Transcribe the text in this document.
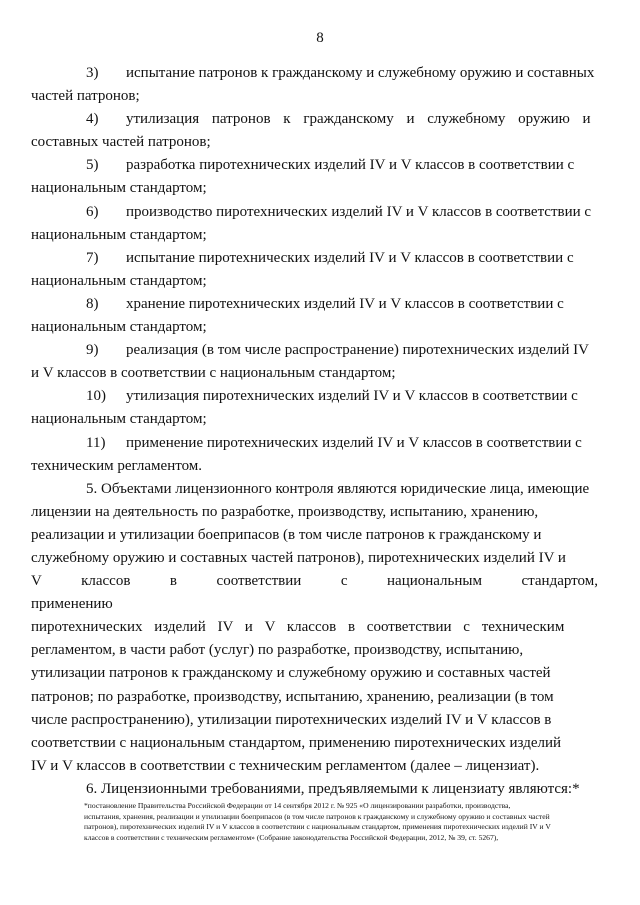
8
3) испытание патронов к гражданскому и служебному оружию и составных
частей патронов;
4) утилизация патронов к гражданскому и служебному оружию и
составных частей патронов;
5) разработка пиротехнических изделий IV и V классов в соответствии с
национальным стандартом;
6) производство пиротехнических изделий IV и V классов в соответствии с
национальным стандартом;
7) испытание пиротехнических изделий IV и V классов в соответствии с
национальным стандартом;
8) хранение пиротехнических изделий IV и V классов в соответствии с
национальным стандартом;
9) реализация (в том числе распространение) пиротехнических изделий IV
и V классов в соответствии с национальным стандартом;
10) утилизация пиротехнических изделий IV и V классов в соответствии с
национальным стандартом;
11) применение пиротехнических изделий IV и V классов в соответствии с
техническим регламентом.
5. Объектами лицензионного контроля являются юридические лица, имеющие
лицензии на деятельность по разработке, производству, испытанию, хранению,
реализации и утилизации боеприпасов (в том числе патронов к гражданскому и
служебному оружию и составных частей патронов), пиротехнических изделий IV и
V классов в соответствии с национальным стандартом, применению
пиротехнических изделий IV и V классов в соответствии с техническим
регламентом, в части работ (услуг) по разработке, производству, испытанию,
утилизации патронов к гражданскому и служебному оружию и составных частей
патронов; по разработке, производству, испытанию, хранению, реализации (в том
числе распространению), утилизации пиротехнических изделий IV и V классов в
соответствии с национальным стандартом, применению пиротехнических изделий
IV и V классов в соответствии с техническим регламентом (далее – лицензиат).
6. Лицензионными требованиями, предъявляемыми к лицензиату являются:*
*постановление Правительства Российской Федерации от 14 сентября 2012 г. № 925 «О лицензировании разработки, производства,
испытания, хранения, реализации и утилизации боеприпасов (в том числе патронов к гражданскому и служебному оружию и составных частей
патронов), пиротехнических изделий IV и V классов в соответствии с национальным стандартом, применения пиротехнических изделий IV и V
классов в соответствии с техническим регламентом» (Собрание законодательства Российской Федерации, 2012, № 39, ст. 5267),
